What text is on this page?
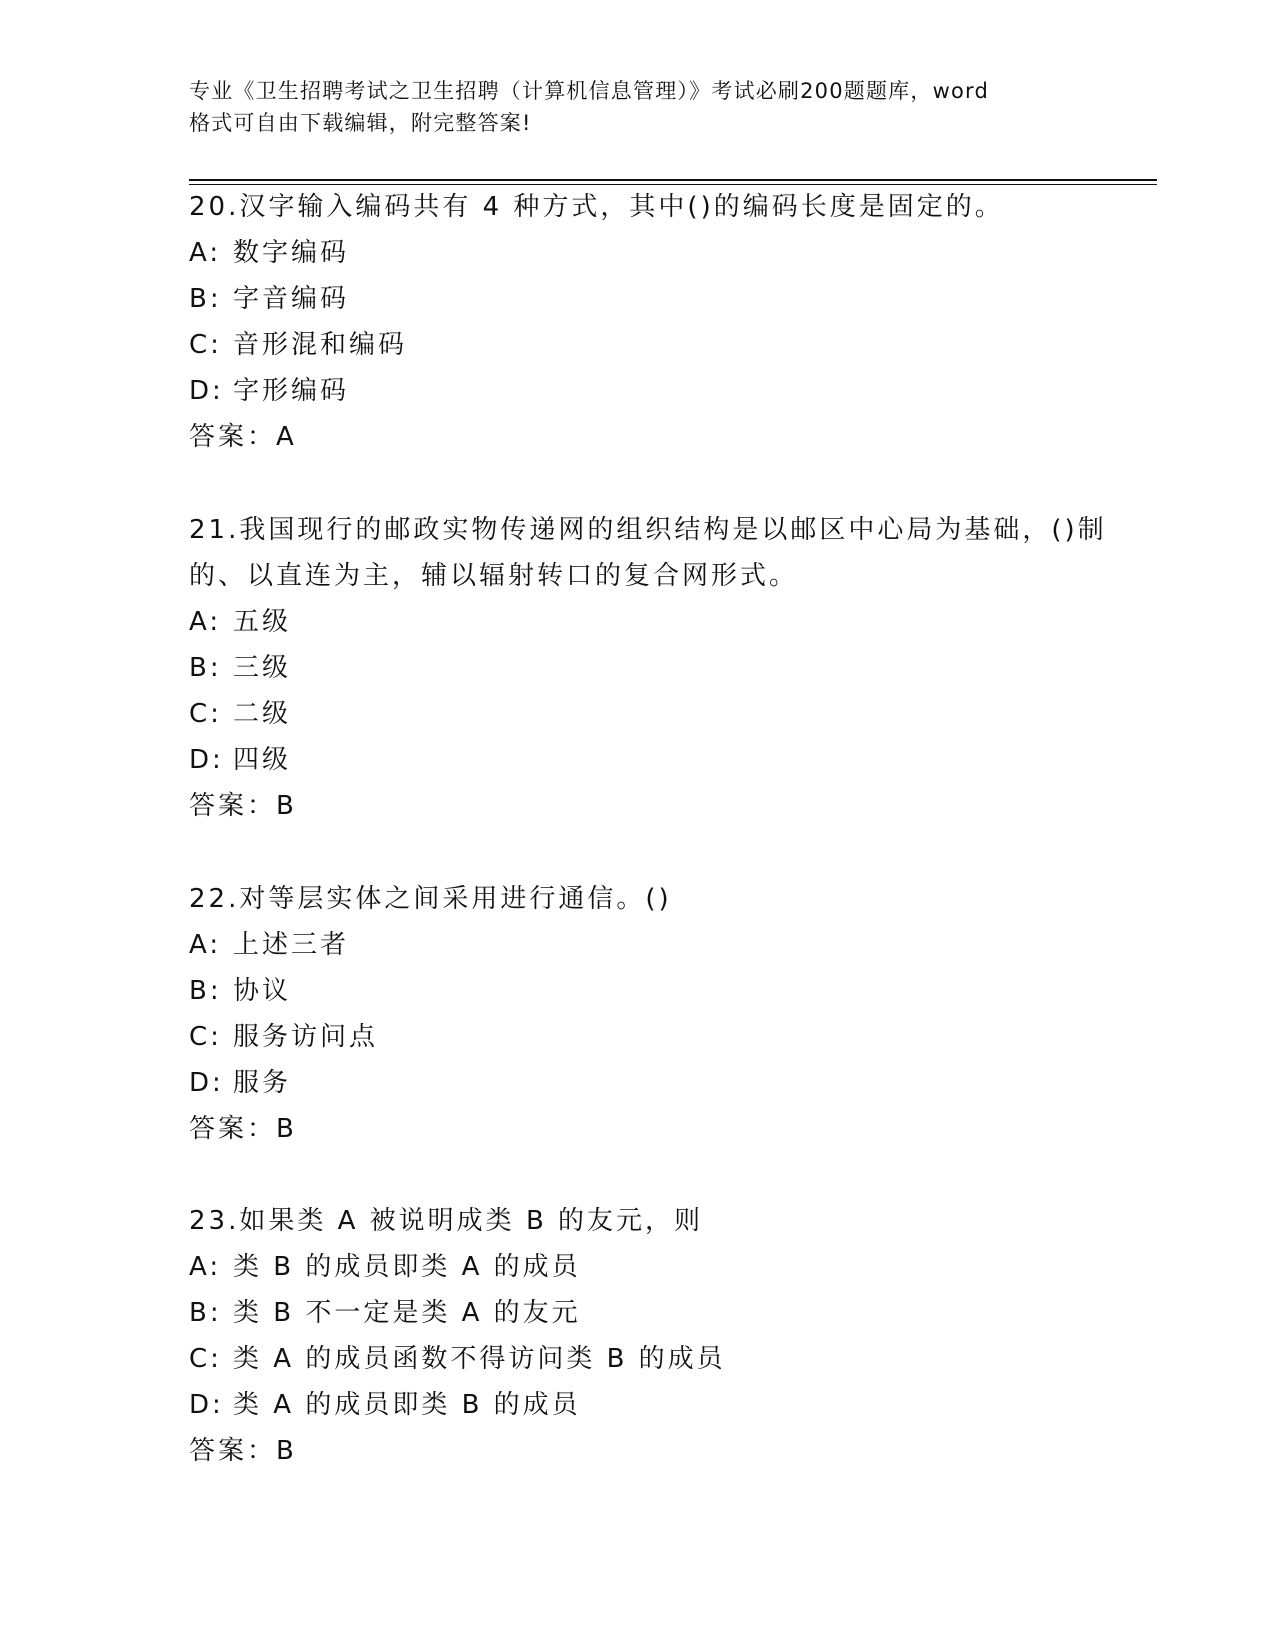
专业《卫生招聘考试之卫生招聘（计算机信息管理）》考试必刷200题题库，word
格式可自由下载编辑，附完整答案!
20.汉字输入编码共有 4 种方式，其中()的编码长度是固定的。
A: 数字编码
B: 字音编码
C: 音形混和编码
D: 字形编码
答案：A
21.我国现行的邮政实物传递网的组织结构是以邮区中心局为基础，()制的、以直连为主，辅以辐射转口的复合网形式。
A: 五级
B: 三级
C: 二级
D: 四级
答案：B
22.对等层实体之间采用进行通信。()
A: 上述三者
B: 协议
C: 服务访问点
D: 服务
答案：B
23.如果类 A 被说明成类 B 的友元，则
A: 类 B 的成员即类 A 的成员
B: 类 B 不一定是类 A 的友元
C: 类 A 的成员函数不得访问类 B 的成员
D: 类 A 的成员即类 B 的成员
答案：B
